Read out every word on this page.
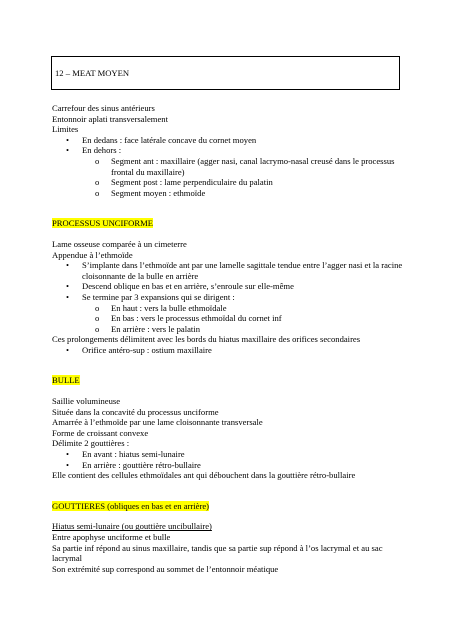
12 – MEAT MOYEN

Carrefour des sinus antérieurs

Entonnoir aplati transversalement

Limites

• En dedans : face latérale concave du cornet moyen
• En dehors :
o Segment ant : maxillaire (agger nasi, canal lacrymo-nasal creusé dans le processus frontal du maxillaire)
o Segment post : lame perpendiculaire du palatin
o Segment moyen : ethmoïde

PROCESSUS UNCIFORME

Lame osseuse comparée à un cimeterre

Appendue à l’ethmoïde

• S’implante dans l’ethmoïde ant par une lamelle sagittale tendue entre l’agger nasi et la racine cloisonnante de la bulle en arrière
• Descend oblique en bas et en arrière, s’enroule sur elle-même
• Se termine par 3 expansions qui se dirigent :
o En haut : vers la bulle ethmoïdale
o En bas : vers le processus ethmoïdal du cornet inf
o En arrière : vers le palatin

Ces prolongements délimitent avec les bords du hiatus maxillaire des orifices secondaires

• Orifice antéro-sup : ostium maxillaire

BULLE

Saillie volumineuse

Située dans la concavité du processus unciforme

Amarrée à l’ethmoïde par une lame cloisonnante transversale

Forme de croissant convexe

Délimite 2 gouttières :

• En avant : hiatus semi-lunaire
• En arrière : gouttière rétro-bullaire

Elle contient des cellules ethmoïdales ant qui débouchent dans la gouttière rétro-bullaire

GOUTTIERES (obliques en bas et en arrière)

Hiatus semi-lunaire (ou gouttière uncibullaire)

Entre apophyse unciforme et bulle

Sa partie inf répond au sinus maxillaire, tandis que sa partie sup répond à l’os lacrymal et au sac lacrymal

Son extrémité sup correspond au sommet de l’entonnoir méatique
